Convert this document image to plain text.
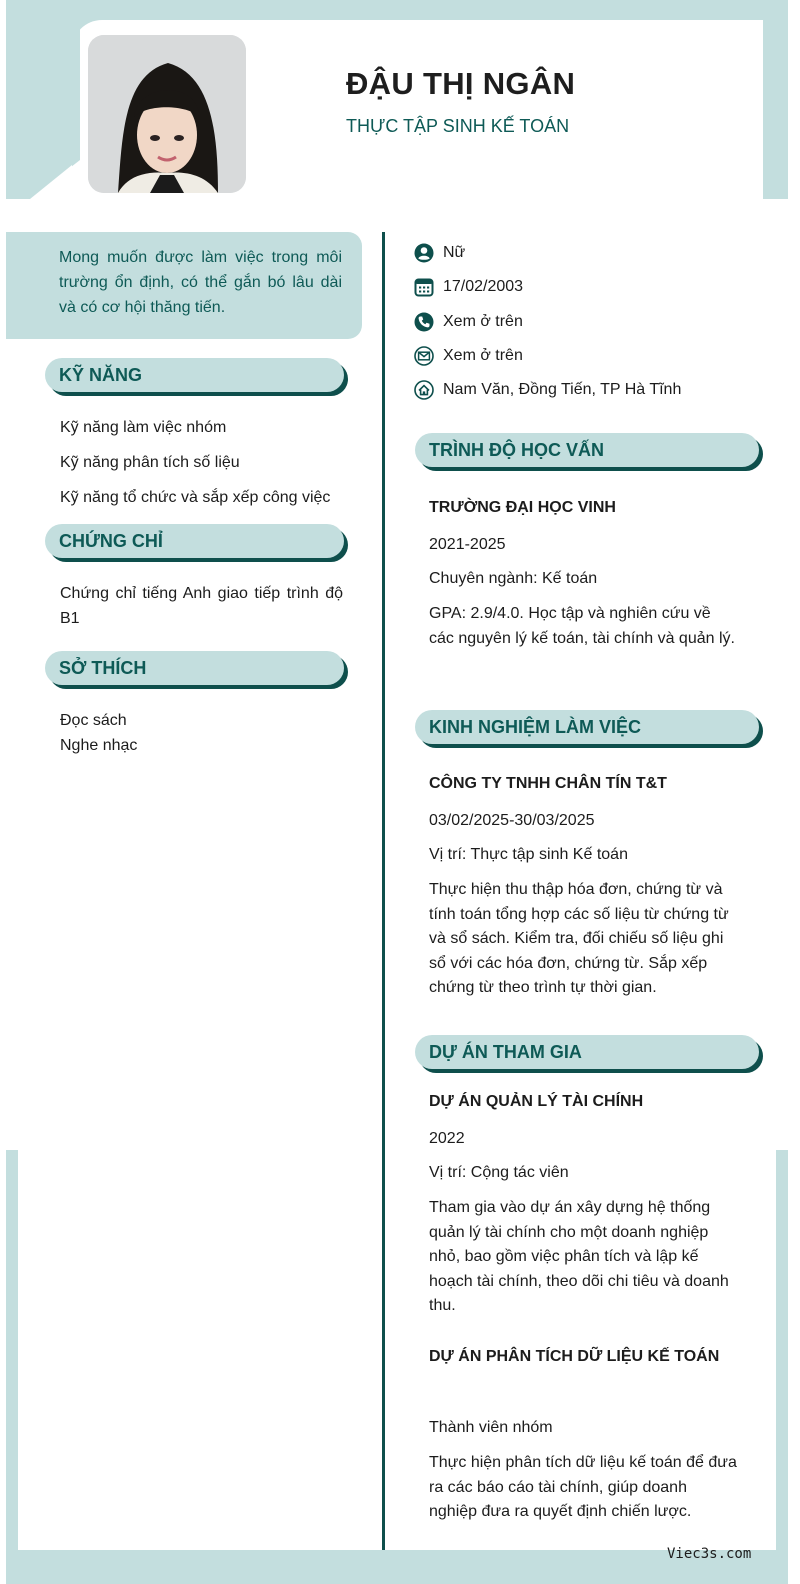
ĐẬU THỊ NGÂN
THỰC TẬP SINH KẾ TOÁN
Mong muốn được làm việc trong môi trường ổn định, có thể gắn bó lâu dài và có cơ hội thăng tiến.
KỸ NĂNG
Kỹ năng làm việc nhóm
Kỹ năng phân tích số liệu
Kỹ năng tổ chức và sắp xếp công việc
CHỨNG CHỈ
Chứng chỉ tiếng Anh giao tiếp trình độ B1
SỞ THÍCH
Đọc sách
Nghe nhạc
Nữ
17/02/2003
Xem ở trên
Xem ở trên
Nam Văn, Đồng Tiến, TP Hà Tĩnh
TRÌNH ĐỘ HỌC VẤN
TRƯỜNG ĐẠI HỌC VINH
2021-2025
Chuyên ngành: Kế toán
GPA: 2.9/4.0. Học tập và nghiên cứu về các nguyên lý kế toán, tài chính và quản lý.
KINH NGHIỆM LÀM VIỆC
CÔNG TY TNHH CHÂN TÍN T&T
03/02/2025-30/03/2025
Vị trí: Thực tập sinh Kế toán
Thực hiện thu thập hóa đơn, chứng từ và tính toán tổng hợp các số liệu từ chứng từ và sổ sách. Kiểm tra, đối chiếu số liệu ghi sổ với các hóa đơn, chứng từ. Sắp xếp chứng từ theo trình tự thời gian.
DỰ ÁN THAM GIA
DỰ ÁN QUẢN LÝ TÀI CHÍNH
2022
Vị trí: Cộng tác viên
Tham gia vào dự án xây dựng hệ thống quản lý tài chính cho một doanh nghiệp nhỏ, bao gồm việc phân tích và lập kế hoạch tài chính, theo dõi chi tiêu và doanh thu.
DỰ ÁN PHÂN TÍCH DỮ LIỆU KẾ TOÁN
Thành viên nhóm
Thực hiện phân tích dữ liệu kế toán để đưa ra các báo cáo tài chính, giúp doanh nghiệp đưa ra quyết định chiến lược.
Viec3s.com
